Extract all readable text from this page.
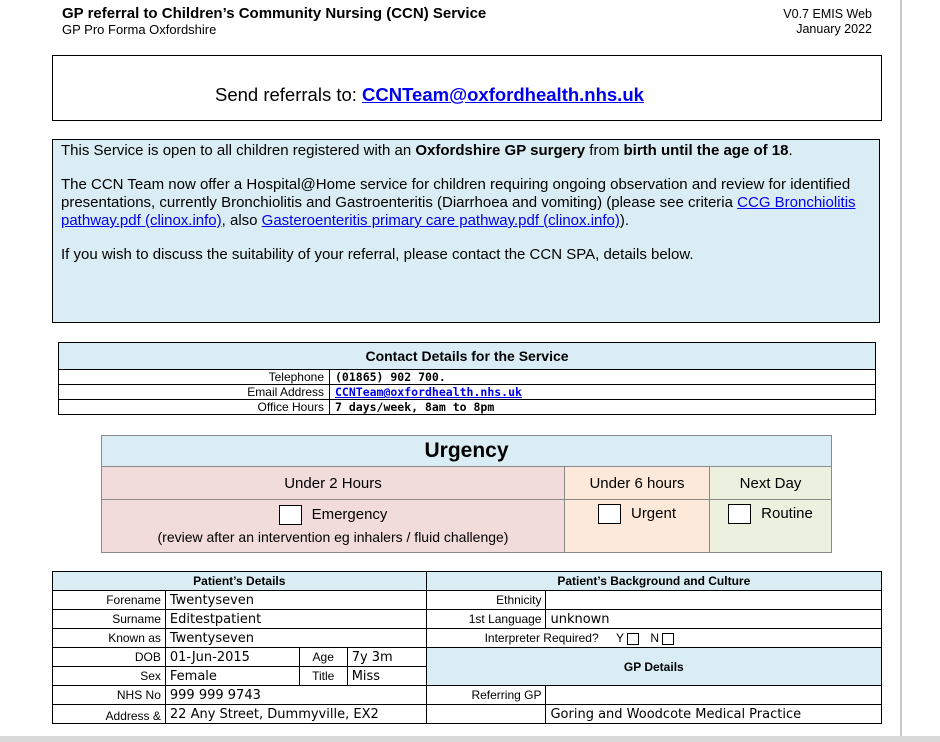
GP referral to Children’s Community Nursing (CCN) Service
GP Pro Forma Oxfordshire
V0.7 EMIS Web
January 2022
Send referrals to: CCNTeam@oxfordhealth.nhs.uk

This Service is open to all children registered with an Oxfordshire GP surgery from birth until the age of 18.

The CCN Team now offer a Hospital@Home service for children requiring ongoing observation and review for identified presentations, currently Bronchiolitis and Gastroenteritis (Diarrhoea and vomiting) (please see criteria CCG Bronchiolitis pathway.pdf (clinox.info), also Gasteroenteritis primary care pathway.pdf (clinox.info)).

If you wish to discuss the suitability of your referral, please contact the CCN SPA, details below.

Contact Details for the Service	
Telephone	(01865) 902 700.
Email Address	CCNTeam@oxfordhealth.nhs.uk
Office Hours	7 days/week, 8am to 8pm
Urgency		
Under 2 Hours	Under 6 hours	Next Day

Emergency
(review after an intervention eg inhalers / fluid challenge)	Urgent	Routine
Patient’s Details				Patient’s Background and Culture	
Forename	Twentyseven			Ethnicity	
Surname	Editestpatient			1st Language	unknown
Known as	Twentyseven			Interpreter Required? Y N	
DOB	01-Jun-2015	Age	7y 3m	GP Details	
Sex	Female	Title	Miss		
NHS No	999 999 9743			Referring GP	
Address &	22 Any Street, Dummyville, EX2				Goring and Woodcote Medical Practice
